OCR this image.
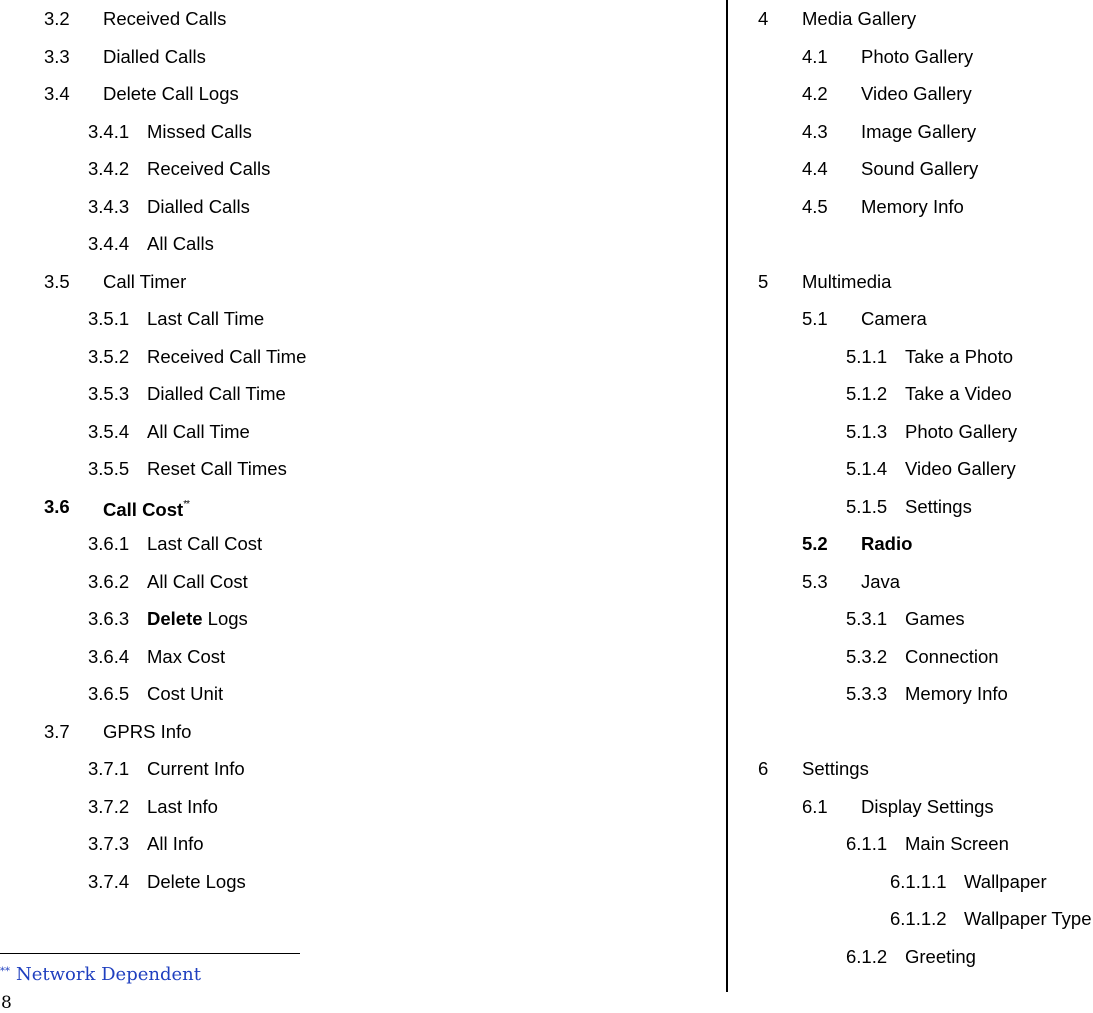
3.2 Received Calls
3.3 Dialled Calls
3.4 Delete Call Logs
3.4.1 Missed Calls
3.4.2 Received Calls
3.4.3 Dialled Calls
3.4.4 All Calls
3.5 Call Timer
3.5.1 Last Call Time
3.5.2 Received Call Time
3.5.3 Dialled Call Time
3.5.4 All Call Time
3.5.5 Reset Call Times
3.6 Call Cost**
3.6.1 Last Call Cost
3.6.2 All Call Cost
3.6.3 Delete Logs
3.6.4 Max Cost
3.6.5 Cost Unit
3.7 GPRS Info
3.7.1 Current Info
3.7.2 Last Info
3.7.3 All Info
3.7.4 Delete Logs
4 Media Gallery
4.1 Photo Gallery
4.2 Video Gallery
4.3 Image Gallery
4.4 Sound Gallery
4.5 Memory Info
5 Multimedia
5.1 Camera
5.1.1 Take a Photo
5.1.2 Take a Video
5.1.3 Photo Gallery
5.1.4 Video Gallery
5.1.5 Settings
5.2 Radio
5.3 Java
5.3.1 Games
5.3.2 Connection
5.3.3 Memory Info
6 Settings
6.1 Display Settings
6.1.1 Main Screen
6.1.1.1 Wallpaper
6.1.1.2 Wallpaper Type
6.1.2 Greeting
** Network Dependent
8
